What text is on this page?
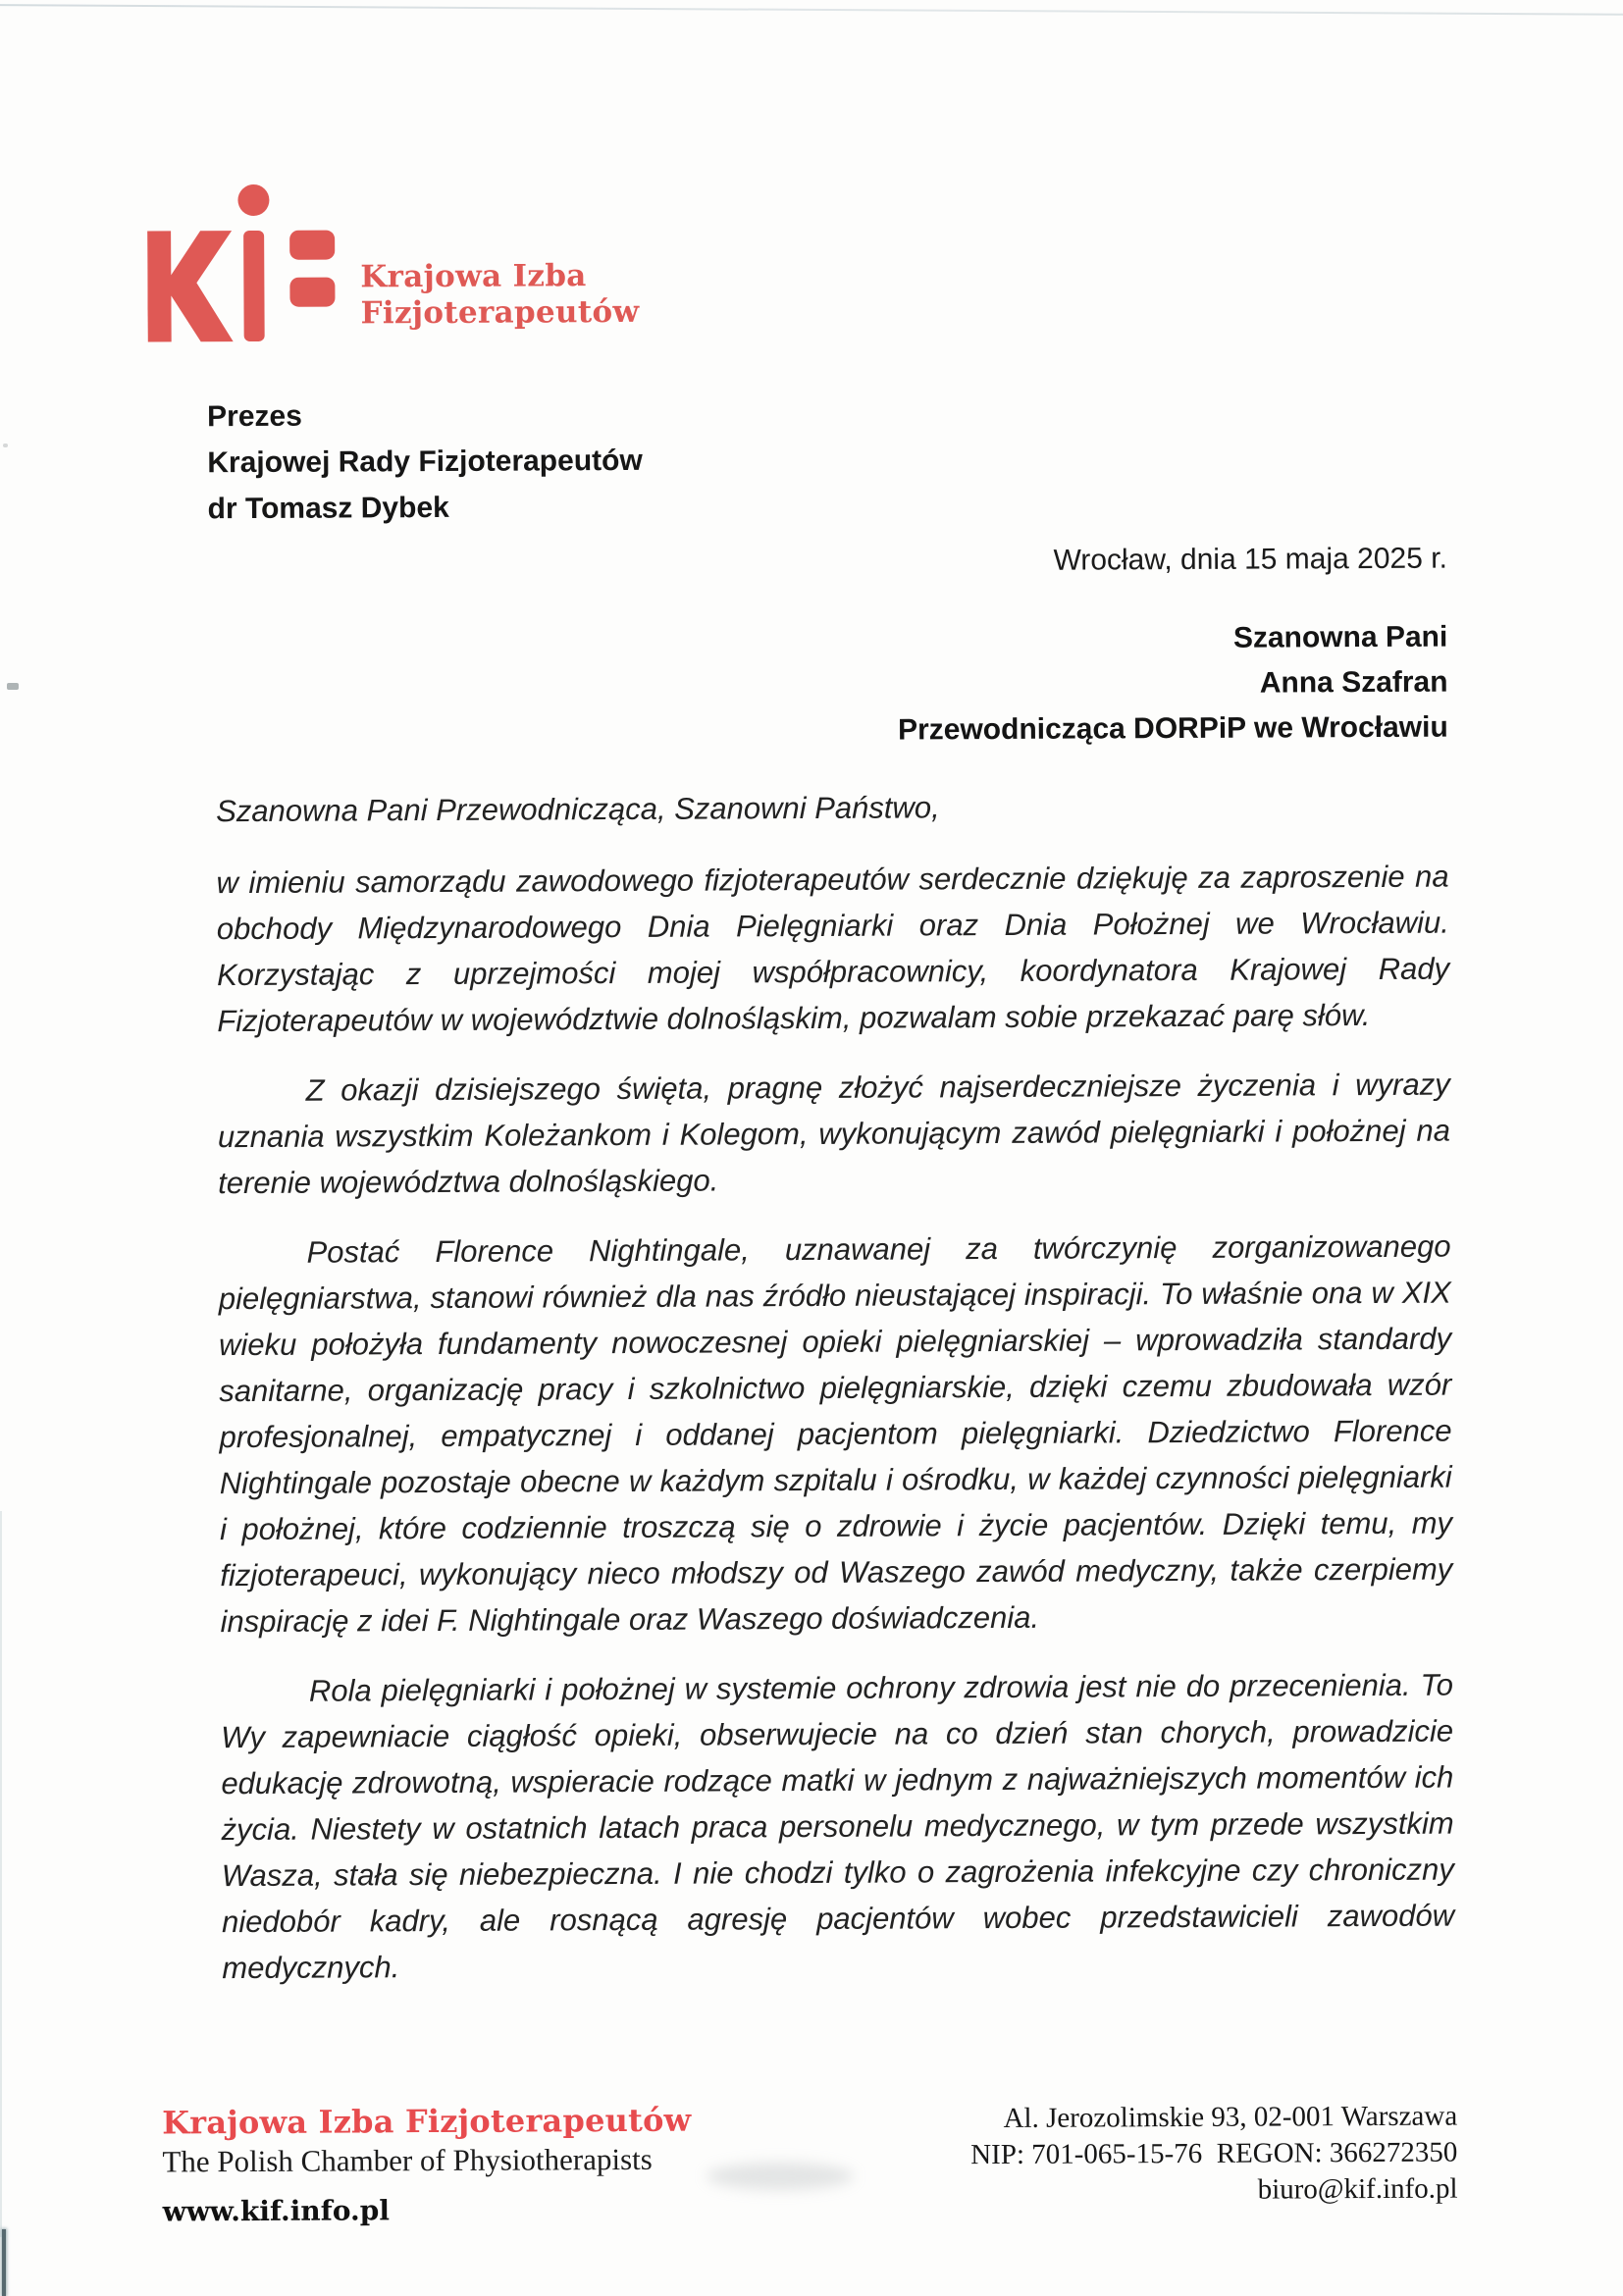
Krajowa Izba
Fizjoterapeutów
Prezes
Krajowej Rady Fizjoterapeutów
dr Tomasz Dybek
Wrocław, dnia 15 maja 2025 r.
Szanowna Pani
Anna Szafran
Przewodnicząca DORPiP we Wrocławiu
Szanowna Pani Przewodnicząca, Szanowni Państwo,

w imieniu samorządu zawodowego fizjoterapeutów serdecznie dziękuję za zaproszenie na obchody Międzynarodowego Dnia Pielęgniarki oraz Dnia Położnej we Wrocławiu. Korzystając z uprzejmości mojej współpracownicy, koordynatora Krajowej Rady Fizjoterapeutów w województwie dolnośląskim, pozwalam sobie przekazać parę słów.

Z okazji dzisiejszego święta, pragnę złożyć najserdeczniejsze życzenia i wyrazy uznania wszystkim Koleżankom i Kolegom, wykonującym zawód pielęgniarki i położnej na terenie województwa dolnośląskiego.

Postać Florence Nightingale, uznawanej za twórczynię zorganizowanego pielęgniarstwa, stanowi również dla nas źródło nieustającej inspiracji. To właśnie ona w XIX wieku położyła fundamenty nowoczesnej opieki pielęgniarskiej – wprowadziła standardy sanitarne, organizację pracy i szkolnictwo pielęgniarskie, dzięki czemu zbudowała wzór profesjonalnej, empatycznej i oddanej pacjentom pielęgniarki. Dziedzictwo Florence Nightingale pozostaje obecne w każdym szpitalu i ośrodku, w każdej czynności pielęgniarki i położnej, które codziennie troszczą się o zdrowie i życie pacjentów. Dzięki temu, my fizjoterapeuci, wykonujący nieco młodszy od Waszego zawód medyczny, także czerpiemy inspirację z idei F. Nightingale oraz Waszego doświadczenia.

Rola pielęgniarki i położnej w systemie ochrony zdrowia jest nie do przecenienia. To Wy zapewniacie ciągłość opieki, obserwujecie na co dzień stan chorych, prowadzicie edukację zdrowotną, wspieracie rodzące matki w jednym z najważniejszych momentów ich życia. Niestety w ostatnich latach praca personelu medycznego, w tym przede wszystkim Wasza, stała się niebezpieczna. I nie chodzi tylko o zagrożenia infekcyjne czy chroniczny niedobór kadry, ale rosnącą agresję pacjentów wobec przedstawicieli zawodów medycznych.

Krajowa Izba Fizjoterapeutów
The Polish Chamber of Physiotherapists
www.kif.info.pl
Al. Jerozolimskie 93, 02-001 Warszawa
NIP: 701-065-15-76  REGON: 366272350
biuro@kif.info.pl
